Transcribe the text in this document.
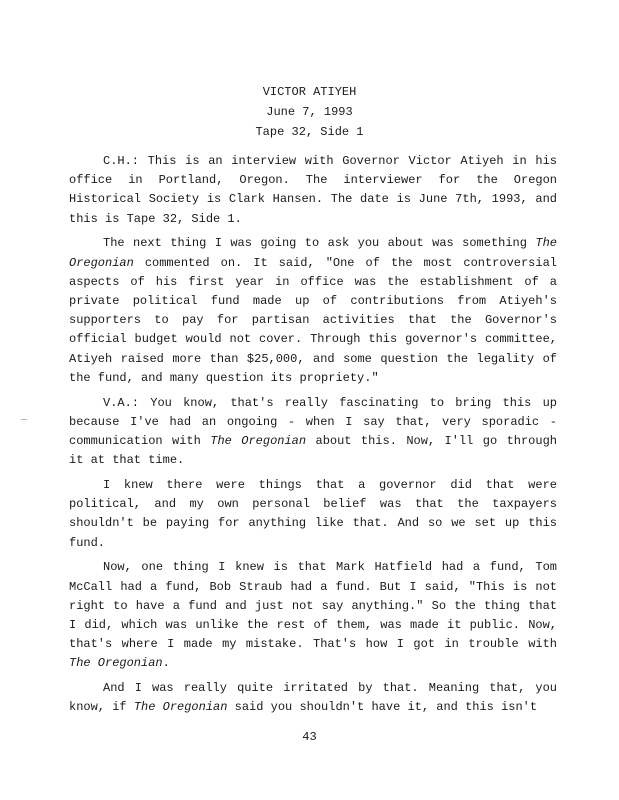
VICTOR ATIYEH
June 7, 1993
Tape 32, Side 1

C.H.: This is an interview with Governor Victor Atiyeh in his office in Portland, Oregon. The interviewer for the Oregon Historical Society is Clark Hansen. The date is June 7th, 1993, and this is Tape 32, Side 1.

The next thing I was going to ask you about was something The Oregonian commented on. It said, "One of the most controversial aspects of his first year in office was the establishment of a private political fund made up of contributions from Atiyeh's supporters to pay for partisan activities that the Governor's official budget would not cover. Through this governor's committee, Atiyeh raised more than $25,000, and some question the legality of the fund, and many question its propriety."

V.A.: You know, that's really fascinating to bring this up because I've had an ongoing - when I say that, very sporadic - communication with The Oregonian about this. Now, I'll go through it at that time.

I knew there were things that a governor did that were political, and my own personal belief was that the taxpayers shouldn't be paying for anything like that. And so we set up this fund.

Now, one thing I knew is that Mark Hatfield had a fund, Tom McCall had a fund, Bob Straub had a fund. But I said, "This is not right to have a fund and just not say anything." So the thing that I did, which was unlike the rest of them, was made it public. Now, that's where I made my mistake. That's how I got in trouble with The Oregonian.

And I was really quite irritated by that. Meaning that, you know, if The Oregonian said you shouldn't have it, and this isn't

43
